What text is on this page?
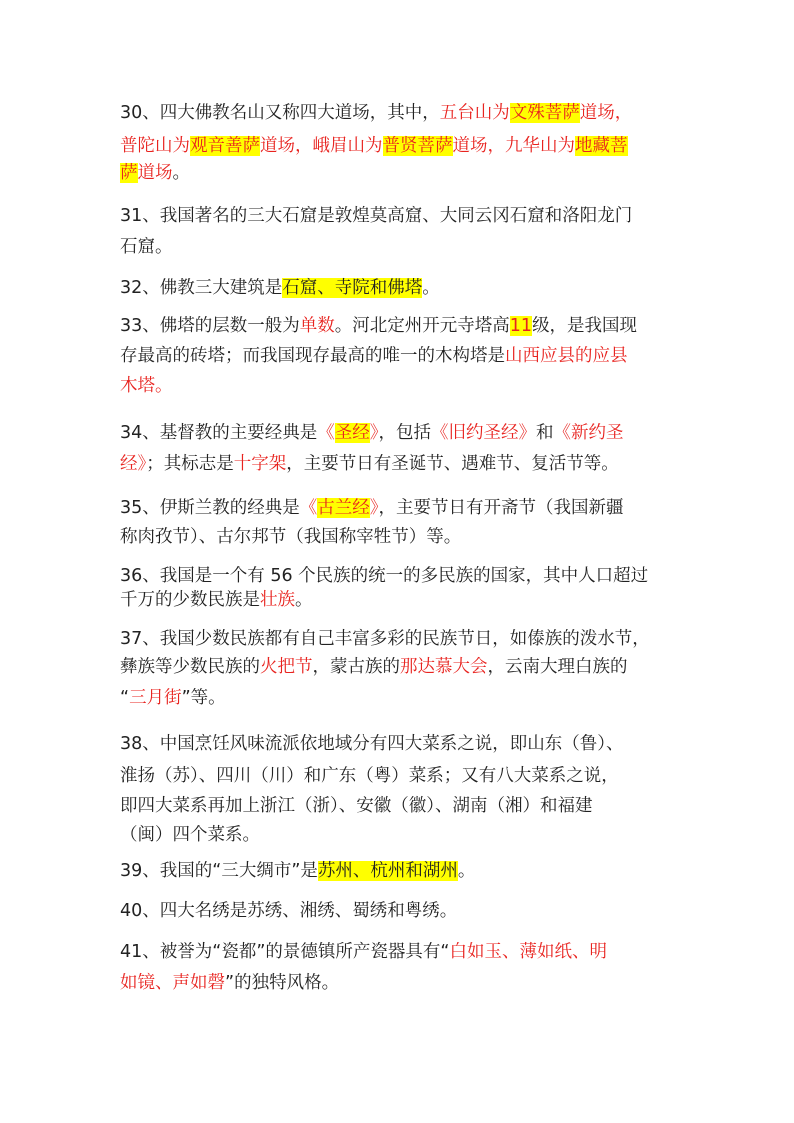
30、四大佛教名山又称四大道场，其中，五台山为文殊菩萨道场，
普陀山为观音善萨道场，峨眉山为普贤菩萨道场，九华山为地藏菩
萨道场。
31、我国著名的三大石窟是敦煌莫高窟、大同云冈石窟和洛阳龙门
石窟。
32、佛教三大建筑是石窟、寺院和佛塔。
33、佛塔的层数一般为单数。河北定州开元寺塔高11级，是我国现
存最高的砖塔；而我国现存最高的唯一的木构塔是山西应县的应县
木塔。
34、基督教的主要经典是《圣经》，包括《旧约圣经》和《新约圣
经》；其标志是十字架，主要节日有圣诞节、遇难节、复活节等。
35、伊斯兰教的经典是《古兰经》，主要节日有开斋节（我国新疆
称肉孜节）、古尔邦节（我国称宰牲节）等。
36、我国是一个有 56 个民族的统一的多民族的国家，其中人口超过
千万的少数民族是壮族。
37、我国少数民族都有自己丰富多彩的民族节日，如傣族的泼水节，
彝族等少数民族的火把节，蒙古族的那达慕大会，云南大理白族的
“三月街”等。
38、中国烹饪风味流派依地域分有四大菜系之说，即山东（鲁）、
淮扬（苏）、四川（川）和广东（粤）菜系；又有八大菜系之说，
即四大菜系再加上浙江（浙）、安徽（徽）、湖南（湘）和福建
（闽）四个菜系。
39、我国的“三大绸市”是苏州、杭州和湖州。
40、四大名绣是苏绣、湘绣、蜀绣和粤绣。
41、被誉为“瓷都”的景德镇所产瓷器具有“白如玉、薄如纸、明
如镜、声如磬”的独特风格。
